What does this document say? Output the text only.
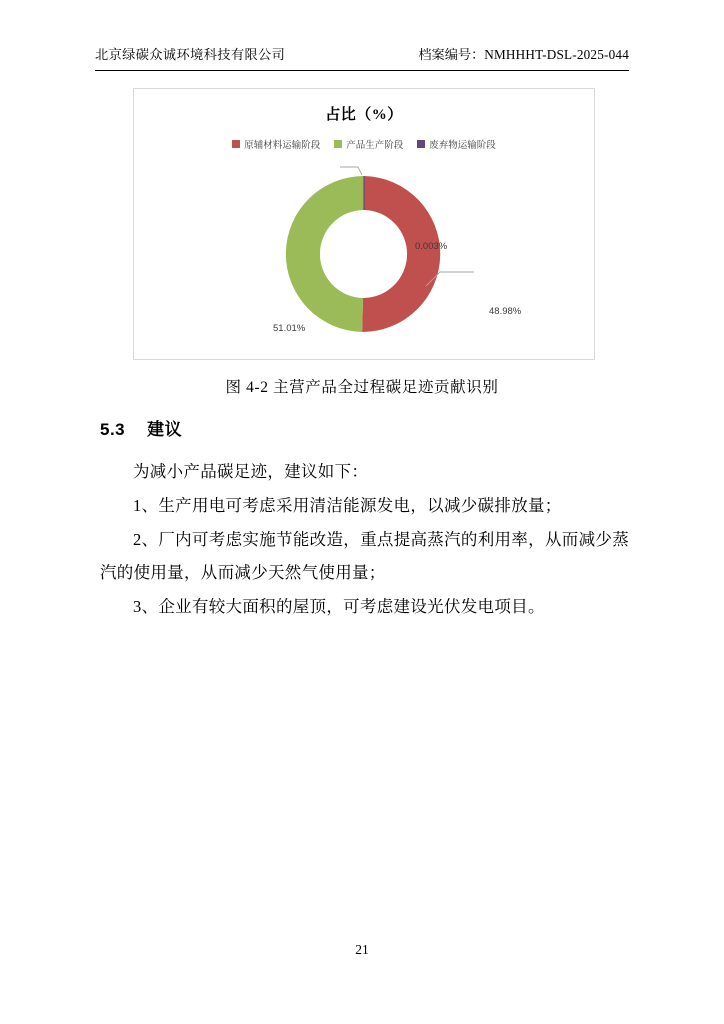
北京绿碳众诚环境科技有限公司	档案编号：NMHHHT-DSL-2025-044
占比（%）
原辅材料运输阶段	产品生产阶段	废弃物运输阶段
0.003%
48.98%
51.01%
图 4-2 主营产品全过程碳足迹贡献识别
5.3 建议

为减小产品碳足迹，建议如下：

1、生产用电可考虑采用清洁能源发电，以减少碳排放量；

2、厂内可考虑实施节能改造，重点提高蒸汽的利用率，从而减少蒸汽的使用量，从而减少天然气使用量；

3、企业有较大面积的屋顶，可考虑建设光伏发电项目。

21
